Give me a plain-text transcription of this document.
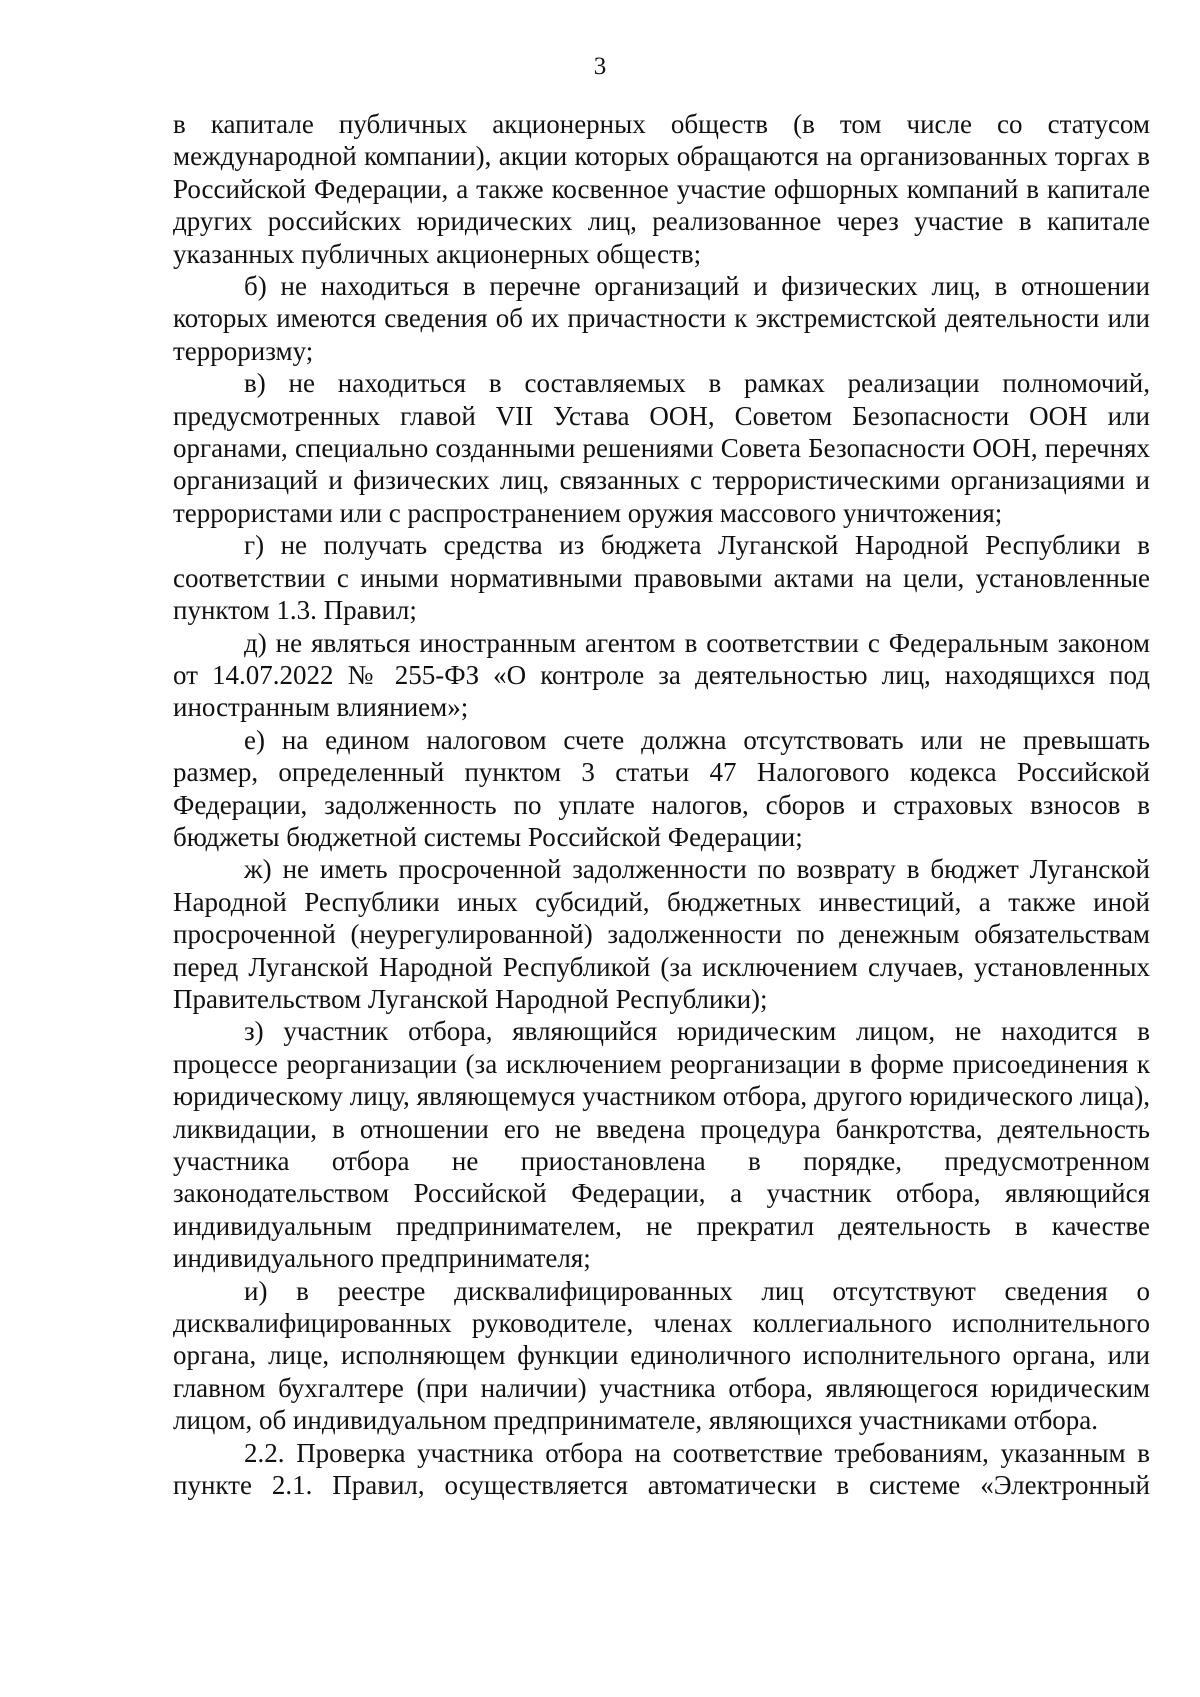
3

в капитале публичных акционерных обществ (в том числе со статусом международной компании), акции которых обращаются на организованных торгах в Российской Федерации, а также косвенное участие офшорных компаний в капитале других российских юридических лиц, реализованное через участие в капитале указанных публичных акционерных обществ;

б) не находиться в перечне организаций и физических лиц, в отношении которых имеются сведения об их причастности к экстремистской деятельности или терроризму;

в) не находиться в составляемых в рамках реализации полномочий, предусмотренных главой VII Устава ООН, Советом Безопасности ООН или органами, специально созданными решениями Совета Безопасности ООН, перечнях организаций и физических лиц, связанных с террористическими организациями и террористами или с распространением оружия массового уничтожения;

г) не получать средства из бюджета Луганской Народной Республики в соответствии с иными нормативными правовыми актами на цели, установленные пунктом 1.3. Правил;

д) не являться иностранным агентом в соответствии с Федеральным законом от 14.07.2022 № 255-ФЗ «О контроле за деятельностью лиц, находящихся под иностранным влиянием»;

е) на едином налоговом счете должна отсутствовать или не превышать размер, определенный пунктом 3 статьи 47 Налогового кодекса Российской Федерации, задолженность по уплате налогов, сборов и страховых взносов в бюджеты бюджетной системы Российской Федерации;

ж) не иметь просроченной задолженности по возврату в бюджет Луганской Народной Республики иных субсидий, бюджетных инвестиций, а также иной просроченной (неурегулированной) задолженности по денежным обязательствам перед Луганской Народной Республикой (за исключением случаев, установленных Правительством Луганской Народной Республики);

з) участник отбора, являющийся юридическим лицом, не находится в процессе реорганизации (за исключением реорганизации в форме присоединения к юридическому лицу, являющемуся участником отбора, другого юридического лица), ликвидации, в отношении его не введена процедура банкротства, деятельность участника отбора не приостановлена в порядке, предусмотренном законодательством Российской Федерации, а участник отбора, являющийся индивидуальным предпринимателем, не прекратил деятельность в качестве индивидуального предпринимателя;

и) в реестре дисквалифицированных лиц отсутствуют сведения о дисквалифицированных руководителе, членах коллегиального исполнительного органа, лице, исполняющем функции единоличного исполнительного органа, или главном бухгалтере (при наличии) участника отбора, являющегося юридическим лицом, об индивидуальном предпринимателе, являющихся участниками отбора.

2.2. Проверка участника отбора на соответствие требованиям, указанным в пункте 2.1. Правил, осуществляется автоматически в системе «Электронный
